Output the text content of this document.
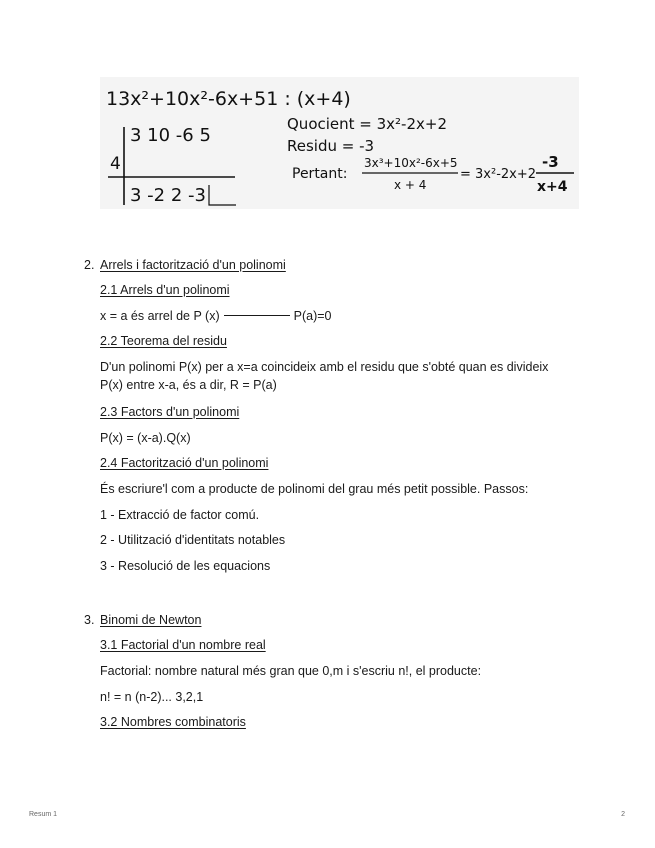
13x²+10x²-6x+51 : (x+4)
3 10 -6 5
4
3 -2 2 -3
Quocient = 3x²-2x+2
Residu = -3
Pertant:
3x³+10x²-6x+5
x + 4
= 3x²-2x+2
-3
x+4
2. Arrels i factorització d'un polinomi
2.1 Arrels d'un polinomi
x = a és arrel de P (x)	P(a)=0
2.2 Teorema del residu
D'un polinomi P(x) per a x=a coincideix amb el residu que s'obté quan es divideix
P(x) entre x-a, és a dir, R = P(a)
2.3 Factors d'un polinomi
P(x) = (x-a).Q(x)
2.4 Factorització d'un polinomi
És escriure'l com a producte de polinomi del grau més petit possible. Passos:
1 - Extracció de factor comú.
2 - Utilització d'identitats notables
3 - Resolució de les equacions
3. Binomi de Newton
3.1 Factorial d'un nombre real
Factorial: nombre natural més gran que 0,m i s'escriu n!, el producte:
n! = n (n-2)... 3,2,1
3.2 Nombres combinatoris
Resum 1	2
